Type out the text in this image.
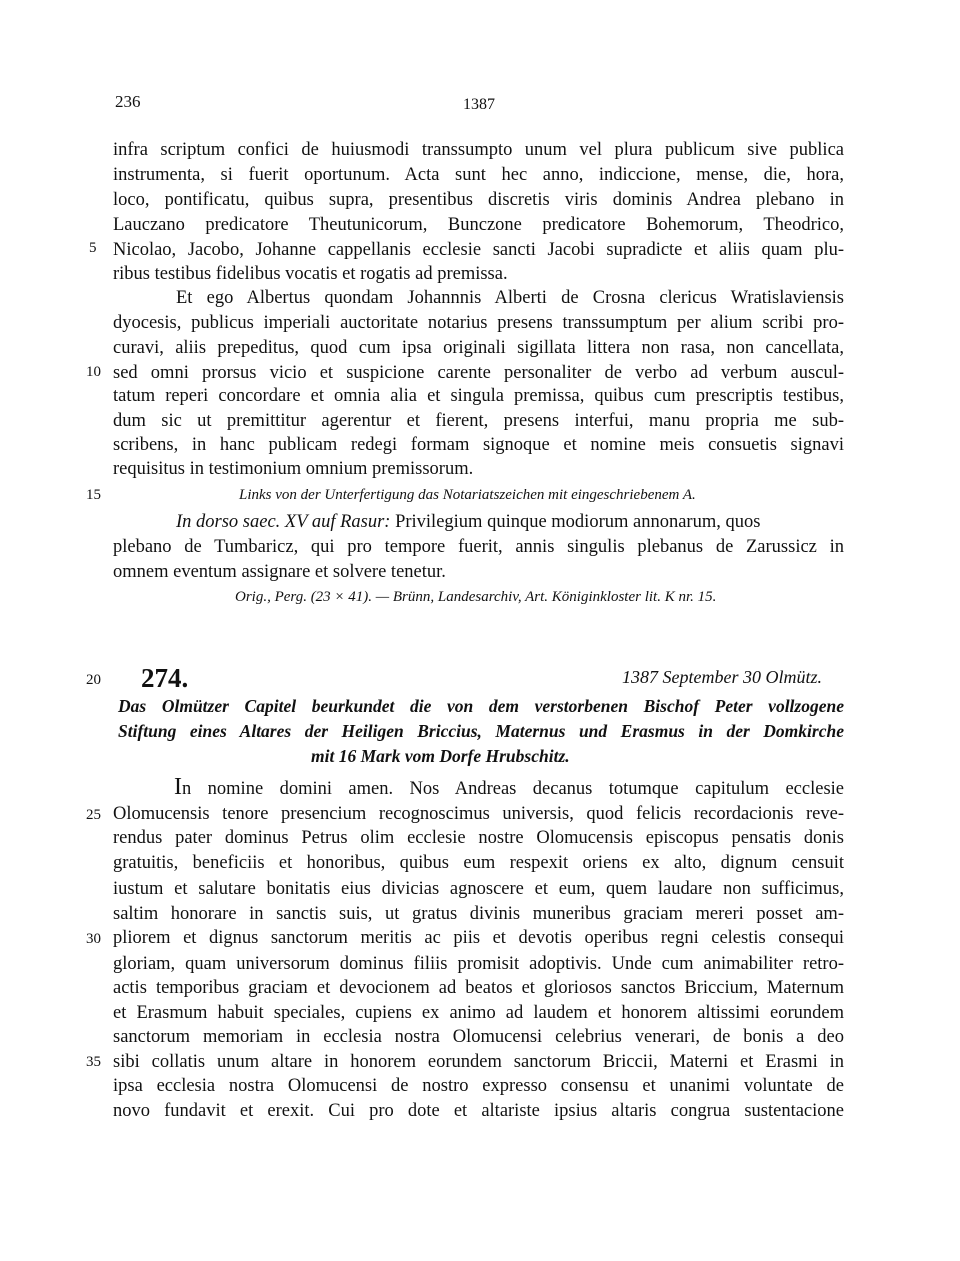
236	1387
infra scriptum confici de huiusmodi transsumpto unum vel plura publicum sive publica
instrumenta, si fuerit oportunum. Acta sunt hec anno, indiccione, mense, die, hora,
loco, pontificatu, quibus supra, presentibus discretis viris dominis Andrea plebano in
Lauczano predicatore Theutunicorum, Bunczone predicatore Bohemorum, Theodrico,
5 Nicolao, Jacobo, Johanne cappellanis ecclesie sancti Jacobi supradicte et aliis quam plu-
ribus testibus fidelibus vocatis et rogatis ad premissa.
Et ego Albertus quondam Johannnis Alberti de Crosna clericus Wratislaviensis
dyocesis, publicus imperiali auctoritate notarius presens transsumptum per alium scribi pro-
curavi, aliis prepeditus, quod cum ipsa originali sigillata littera non rasa, non cancellata,
10 sed omni prorsus vicio et suspicione carente personaliter de verbo ad verbum auscul-
tatum reperi concordare et omnia alia et singula premissa, quibus cum prescriptis testibus,
dum sic ut premittitur agerentur et fierent, presens interfui, manu propria me sub-
scribens, in hanc publicam redegi formam signoque et nomine meis consuetis signavi
requisitus in testimonium omnium premissorum.
15	Links von der Unterfertigung das Notariatszeichen mit eingeschriebenem A.
In dorso saec. XV auf Rasur: Privilegium quinque modiorum annonarum, quos
plebano de Tumbaricz, qui pro tempore fuerit, annis singulis plebanus de Zarussicz in
omnem eventum assignare et solvere tenetur.
Orig., Perg. (23 × 41). — Brünn, Landesarchiv, Art. Königinkloster lit. K nr. 15.
20 274.	1387 September 30 Olmütz.
Das Olmützer Capitel beurkundet die von dem verstorbenen Bischof Peter vollzogene
Stiftung eines Altares der Heiligen Briccius, Maternus und Erasmus in der Domkirche
mit 16 Mark vom Dorfe Hrubschitz.
In nomine domini amen. Nos Andreas decanus totumque capitulum ecclesie
25 Olomucensis tenore presencium recognoscimus universis, quod felicis recordacionis reve-
rendus pater dominus Petrus olim ecclesie nostre Olomucensis episcopus pensatis donis
gratuitis, beneficiis et honoribus, quibus eum respexit oriens ex alto, dignum censuit
iustum et salutare bonitatis eius divicias agnoscere et eum, quem laudare non sufficimus,
saltim honorare in sanctis suis, ut gratus divinis muneribus graciam mereri posset am-
30 pliorem et dignus sanctorum meritis ac piis et devotis operibus regni celestis consequi
gloriam, quam universorum dominus filiis promisit adoptivis. Unde cum animabiliter retro-
actis temporibus graciam et devocionem ad beatos et gloriosos sanctos Briccium, Maternum
et Erasmum habuit speciales, cupiens ex animo ad laudem et honorem altissimi eorundem
sanctorum memoriam in ecclesia nostra Olomucensi celebrius venerari, de bonis a deo
35 sibi collatis unum altare in honorem eorundem sanctorum Briccii, Materni et Erasmi in
ipsa ecclesia nostra Olomucensi de nostro expresso consensu et unanimi voluntate de
novo fundavit et erexit. Cui pro dote et altariste ipsius altaris congrua sustentacione
